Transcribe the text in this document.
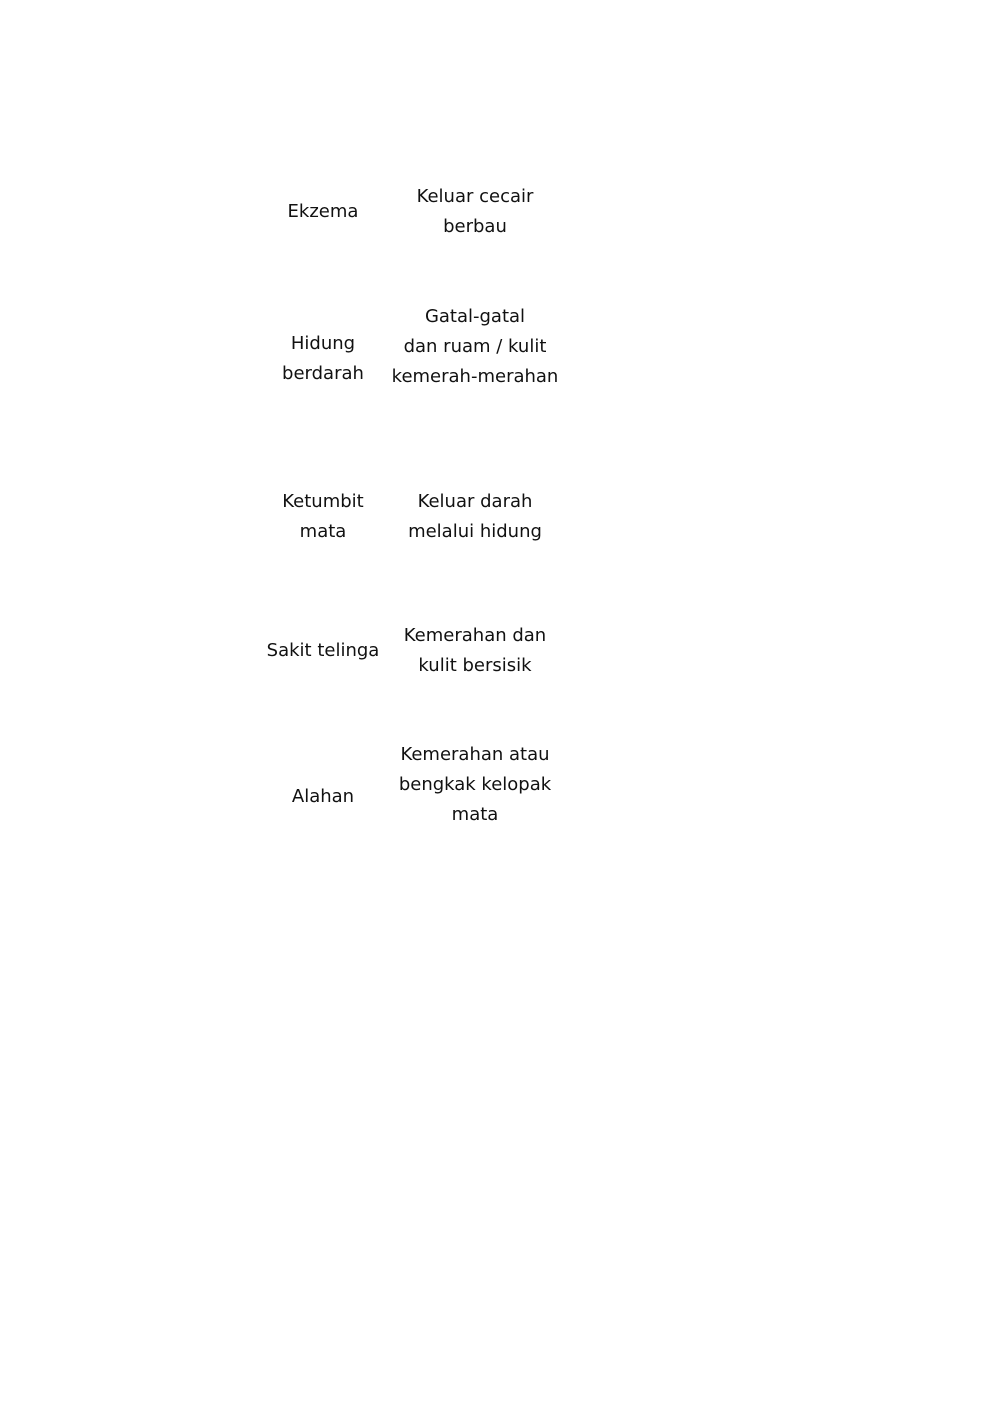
Ekzema
Hidung
berdarah
Ketumbit
mata
Sakit telinga
Alahan
Keluar cecair
berbau
Gatal-gatal
dan ruam / kulit
kemerah-merahan
Keluar darah
melalui hidung
Kemerahan dan
kulit bersisik
Kemerahan atau
bengkak kelopak
mata
